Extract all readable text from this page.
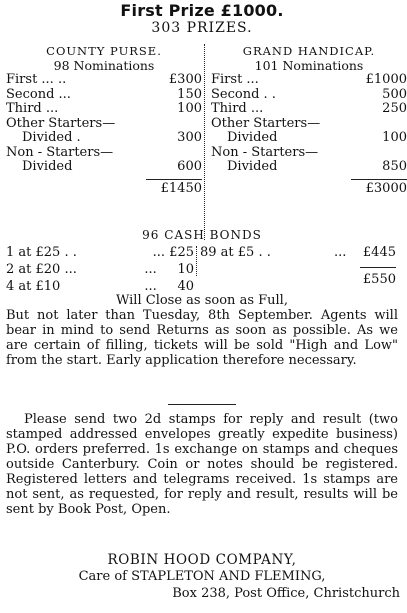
First Prize £1000.
303 PRIZES.
COUNTY PURSE.
98 Nominations
First ... ..	£300
Second ...	150
Third ...	100
Other Starters—
Divided .	300
Non - Starters—
Divided	600
£1450
GRAND HANDICAP.
101 Nominations
First ...	£1000
Second . .	500
Third ...	250
Other Starters—
Divided	100
Non - Starters—
Divided	850
£3000
96 CASH BONDS
1 at £25 . .	... £25
2 at £20 ...	... 10
4 at £10	... 40
89 at £5 . .	... £445
£550
Will Close as soon as Full,
But not later than Tuesday, 8th September. Agents will bear in mind to send Returns as soon as possible. As we are certain of filling, tickets will be sold "High and Low" from the start. Early application therefore necessary.
Please send two 2d stamps for reply and result (two stamped addressed envelopes greatly expedite business) P.O. orders preferred. 1s exchange on stamps and cheques outside Canterbury. Coin or notes should be registered. Registered letters and telegrams received. 1s stamps are not sent, as requested, for reply and result, results will be sent by Book Post, Open.
ROBIN HOOD COMPANY,
Care of STAPLETON AND FLEMING,
Box 238, Post Office, Christchurch
